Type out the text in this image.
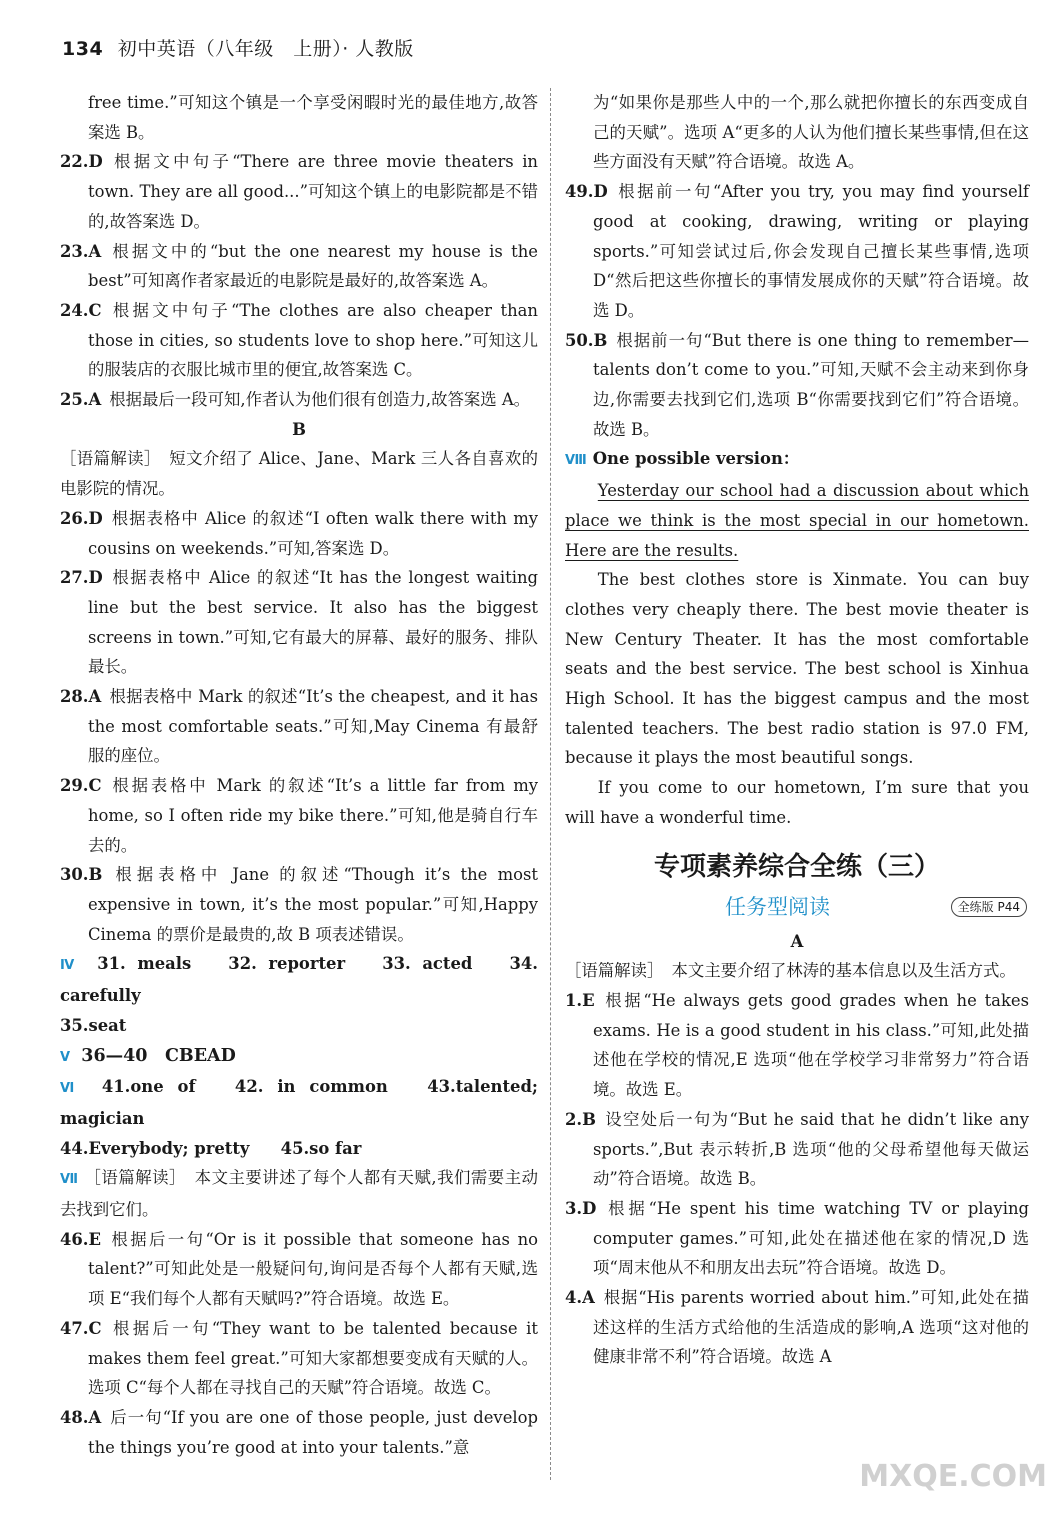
134 初中英语（八年级　上册）· 人教版

free time.”可知这个镇是一个享受闲暇时光的最佳地方,故答案选 B。

22.D 根据文中句子“There are three movie theaters in town. They are all good...”可知这个镇上的电影院都是不错的,故答案选 D。

23.A 根据文中的“but the one nearest my house is the best”可知离作者家最近的电影院是最好的,故答案选 A。

24.C 根据文中句子“The clothes are also cheaper than those in cities, so students love to shop here.”可知这儿的服装店的衣服比城市里的便宜,故答案选 C。

25.A 根据最后一段可知,作者认为他们很有创造力,故答案选 A。

B

［语篇解读］　短文介绍了 Alice、Jane、Mark 三人各自喜欢的电影院的情况。

26.D 根据表格中 Alice 的叙述“I often walk there with my cousins on weekends.”可知,答案选 D。

27.D 根据表格中 Alice 的叙述“It has the longest waiting line but the best service. It also has the biggest screens in town.”可知,它有最大的屏幕、最好的服务、排队最长。

28.A 根据表格中 Mark 的叙述“It’s the cheapest, and it has the most comfortable seats.”可知,May Cinema 有最舒服的座位。

29.C 根据表格中 Mark 的叙述“It’s a little far from my home, so I often ride my bike there.”可知,他是骑自行车去的。

30.B 根据表格中 Jane 的叙述“Though it’s the most expensive in town, it’s the most popular.”可知,Happy Cinema 的票价是最贵的,故 B 项表述错误。

Ⅳ 31. meals 32. reporter 33. acted 34. carefully

35.seat

Ⅴ 36—40　CBEAD

Ⅵ 41.one of 42. in common 43.talented; magician

44.Everybody; pretty 45.so far

Ⅶ ［语篇解读］　本文主要讲述了每个人都有天赋,我们需要主动去找到它们。

46.E 根据后一句“Or is it possible that someone has no talent?”可知此处是一般疑问句,询问是否每个人都有天赋,选项 E“我们每个人都有天赋吗?”符合语境。故选 E。

47.C 根据后一句“They want to be talented because it makes them feel great.”可知大家都想要变成有天赋的人。选项 C“每个人都在寻找自己的天赋”符合语境。故选 C。

48.A 后一句“If you are one of those people, just develop the things you’re good at into your talents.”意

为“如果你是那些人中的一个,那么就把你擅长的东西变成自己的天赋”。选项 A“更多的人认为他们擅长某些事情,但在这些方面没有天赋”符合语境。故选 A。

49.D 根据前一句“After you try, you may find yourself good at cooking, drawing, writing or playing sports.”可知尝试过后,你会发现自己擅长某些事情,选项 D“然后把这些你擅长的事情发展成你的天赋”符合语境。故选 D。

50.B 根据前一句“But there is one thing to remember—talents don’t come to you.”可知,天赋不会主动来到你身边,你需要去找到它们,选项 B“你需要找到它们”符合语境。故选 B。

Ⅷ One possible version：

Yesterday our school had a discussion about which place we think is the most special in our hometown. Here are the results.

The best clothes store is Xinmate. You can buy clothes very cheaply there. The best movie theater is New Century Theater. It has the most comfortable seats and the best service. The best school is Xinhua High School. It has the biggest campus and the most talented teachers. The best radio station is 97.0 FM, because it plays the most beautiful songs.

If you come to our hometown, I’m sure that you will have a wonderful time.

专项素养综合全练（三）
任务型阅读	全练版 P44

A

［语篇解读］　本文主要介绍了林涛的基本信息以及生活方式。

1.E 根据“He always gets good grades when he takes exams. He is a good student in his class.”可知,此处描述他在学校的情况,E 选项“他在学校学习非常努力”符合语境。故选 E。

2.B 设空处后一句为“But he said that he didn’t like any sports.”,But 表示转折,B 选项“他的父母希望他每天做运动”符合语境。故选 B。

3.D 根据“He spent his time watching TV or playing computer games.”可知,此处在描述他在家的情况,D 选项“周末他从不和朋友出去玩”符合语境。故选 D。

4.A 根据“His parents worried about him.”可知,此处在描述这样的生活方式给他的生活造成的影响,A 选项“这对他的健康非常不利”符合语境。故选 A

MXQE.COM
